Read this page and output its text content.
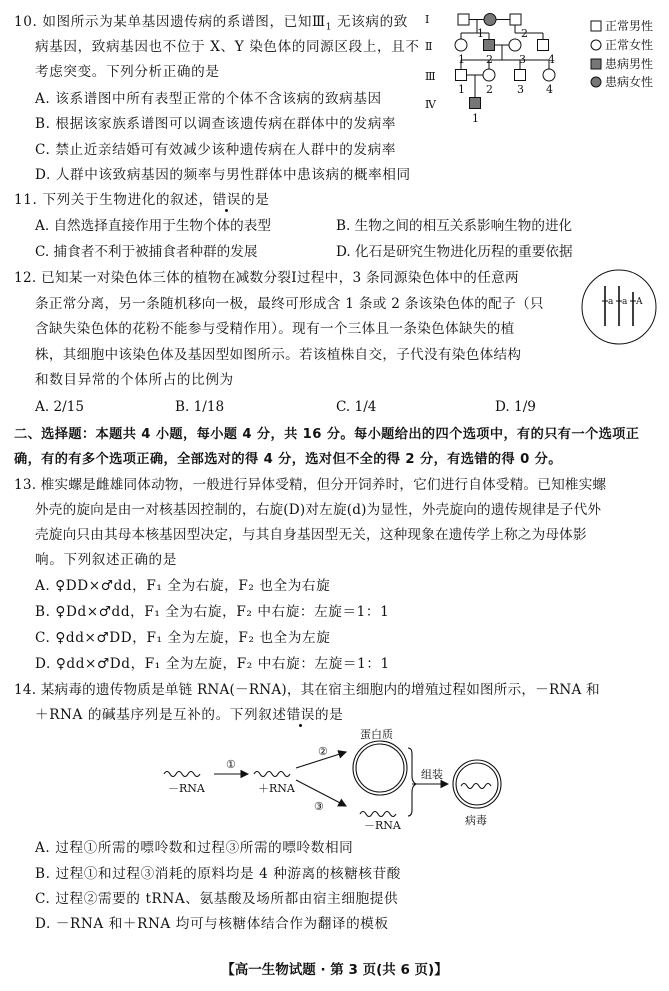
10. 如图所示为某单基因遗传病的系谱图，已知$Ⅲ_1$ 无该病的致
病基因，致病基因也不位于 X、Y 染色体的同源区段上，且不
考虑突变。下列分析正确的是
A. 该系谱图中所有表型正常的个体不含该病的致病基因
B. 根据该家族系谱图可以调查该遗传病在群体中的发病率
C. 禁止近亲结婚可有效减少该种遗传病在人群中的发病率
D. 人群中该致病基因的频率与男性群体中患该病的概率相同
Ⅰ
Ⅱ
Ⅲ
Ⅳ
1	2
1 2 3 4
1 2 3 4
1
正常男性
正常女性
患病男性
患病女性
11. 下列关于生物进化的叙述，错误的是
A. 自然选择直接作用于生物个体的表型	B. 生物之间的相互关系影响生物的进化
C. 捕食者不利于被捕食者种群的发展	D. 化石是研究生物进化历程的重要依据
12. 已知某一对染色体三体的植物在减数分裂Ⅰ过程中，3 条同源染色体中的任意两
条正常分离，另一条随机移向一极，最终可形成含 1 条或 2 条该染色体的配子（只
含缺失染色体的花粉不能参与受精作用）。现有一个三体且一条染色体缺失的植
株，其细胞中该染色体及基因型如图所示。若该植株自交，子代没有染色体结构
和数目异常的个体所占的比例为
A. 2/15	B. 1/18	C. 1/4	D. 1/9
a a A
二、选择题：本题共 4 小题，每小题 4 分，共 16 分。每小题给出的四个选项中，有的只有一个选项正
确，有的有多个选项正确，全部选对的得 4 分，选对但不全的得 2 分，有选错的得 0 分。
13. 椎实螺是雌雄同体动物，一般进行异体受精，但分开饲养时，它们进行自体受精。已知椎实螺
外壳的旋向是由一对核基因控制的，右旋(D)对左旋(d)为显性，外壳旋向的遗传规律是子代外
壳旋向只由其母本核基因型决定，与其自身基因型无关，这种现象在遗传学上称之为母体影
响。下列叙述正确的是
A. ♀DD×♂dd，F₁ 全为右旋，F₂ 也全为右旋
B. ♀Dd×♂dd，F₁ 全为右旋，F₂ 中右旋：左旋＝1：1
C. ♀dd×♂DD，F₁ 全为左旋，F₂ 也全为左旋
D. ♀dd×♂Dd，F₁ 全为左旋，F₂ 中右旋：左旋＝1：1
14. 某病毒的遗传物质是单链 RNA(－RNA)，其在宿主细胞内的增殖过程如图所示，－RNA 和
＋RNA 的碱基序列是互补的。下列叙述错误的是
蛋白质
－RNA
①
＋RNA
②
③
－RNA
组装
病毒
A. 过程①所需的嘌呤数和过程③所需的嘌呤数相同
B. 过程①和过程③消耗的原料均是 4 种游离的核糖核苷酸
C. 过程②需要的 tRNA、氨基酸及场所都由宿主细胞提供
D. －RNA 和＋RNA 均可与核糖体结合作为翻译的模板
【高一生物试题 · 第 3 页(共 6 页)】
